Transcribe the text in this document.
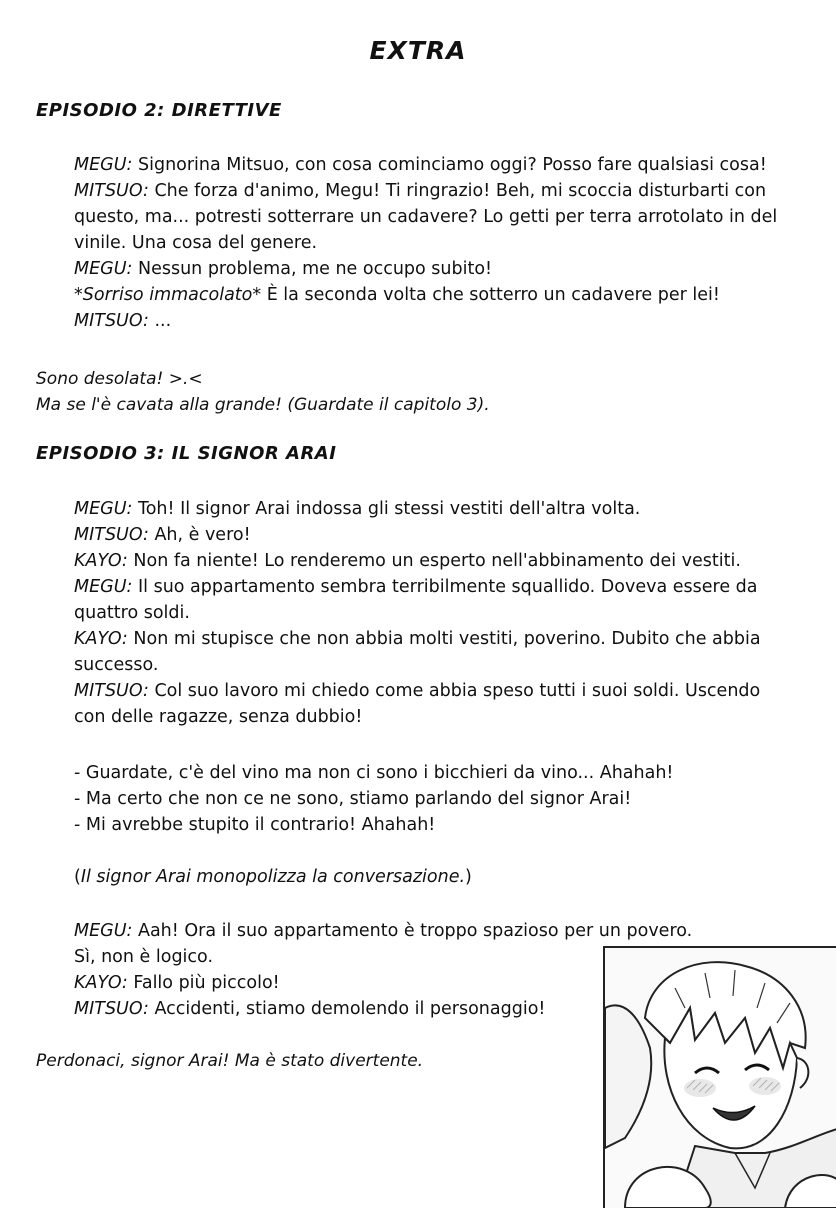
EXTRA
EPISODIO 2: DIRETTIVE

MEGU: Signorina Mitsuo, con cosa cominciamo oggi? Posso fare qualsiasi cosa!

MITSUO: Che forza d'animo, Megu! Ti ringrazio! Beh, mi scoccia disturbarti con questo, ma... potresti sotterrare un cadavere? Lo getti per terra arrotolato in del vinile. Una cosa del genere.

MEGU: Nessun problema, me ne occupo subito!

*Sorriso immacolato* È la seconda volta che sotterro un cadavere per lei!

MITSUO: ...

Sono desolata! >.<

Ma se l'è cavata alla grande! (Guardate il capitolo 3).

EPISODIO 3: IL SIGNOR ARAI

MEGU: Toh! Il signor Arai indossa gli stessi vestiti dell'altra volta.

MITSUO: Ah, è vero!

KAYO: Non fa niente! Lo renderemo un esperto nell'abbinamento dei vestiti.

MEGU: Il suo appartamento sembra terribilmente squallido. Doveva essere da quattro soldi.

KAYO: Non mi stupisce che non abbia molti vestiti, poverino. Dubito che abbia successo.

MITSUO: Col suo lavoro mi chiedo come abbia speso tutti i suoi soldi. Uscendo con delle ragazze, senza dubbio!

- Guardate, c'è del vino ma non ci sono i bicchieri da vino... Ahahah!

- Ma certo che non ce ne sono, stiamo parlando del signor Arai!

- Mi avrebbe stupito il contrario! Ahahah!

(Il signor Arai monopolizza la conversazione.)

MEGU: Aah! Ora il suo appartamento è troppo spazioso per un povero.

Sì, non è logico.

KAYO: Fallo più piccolo!

MITSUO: Accidenti, stiamo demolendo il personaggio!

Perdonaci, signor Arai! Ma è stato divertente.
